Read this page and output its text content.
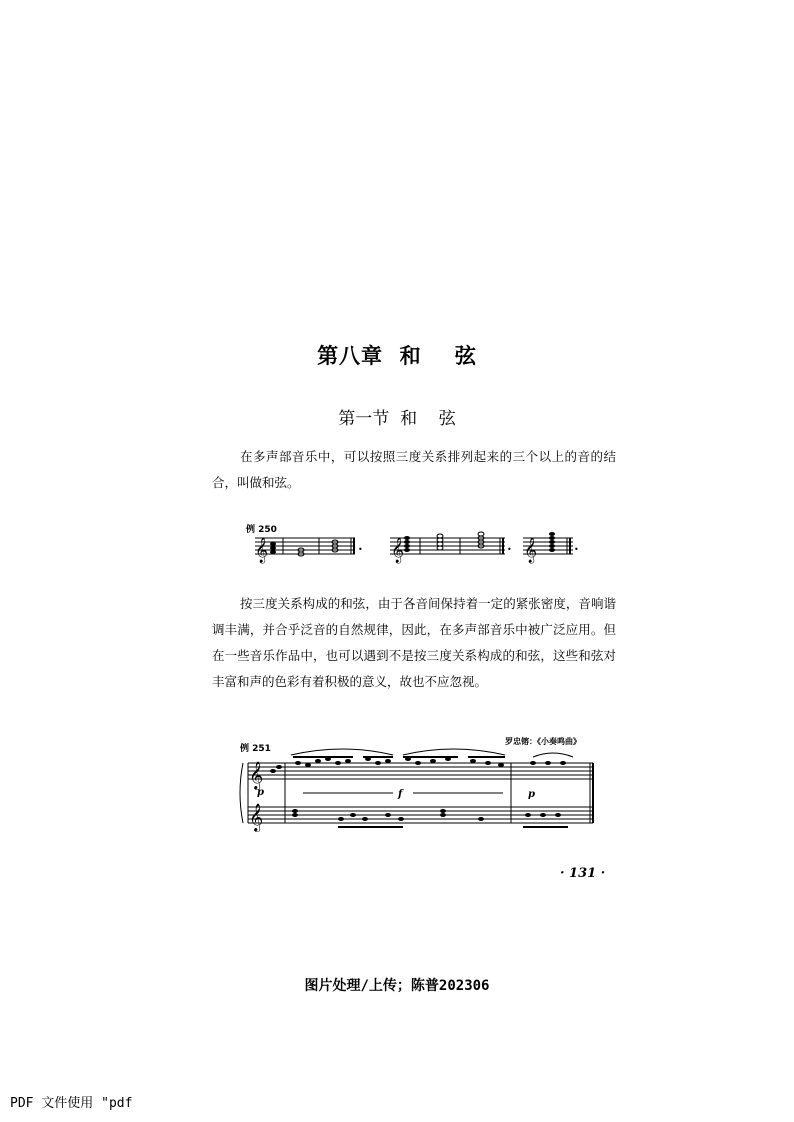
第八章  和    弦
第一节  和    弦
在多声部音乐中，可以按照三度关系排列起来的三个以上的音的结合，叫做和弦。
例 250
𝄞	𝄞	𝄞
•	•	•
按三度关系构成的和弦，由于各音间保持着一定的紧张密度，音响谐调丰满，并合乎泛音的自然规律，因此，在多声部音乐中被广泛应用。但在一些音乐作品中，也可以遇到不是按三度关系构成的和弦，这些和弦对丰富和声的色彩有着积极的意义，故也不应忽视。
例 251
罗忠镕：《小奏鸣曲》
𝄞
𝄞
p	f	p
· 131 ·
图片处理/上传；陈普202306
PDF 文件使用 "pdf
